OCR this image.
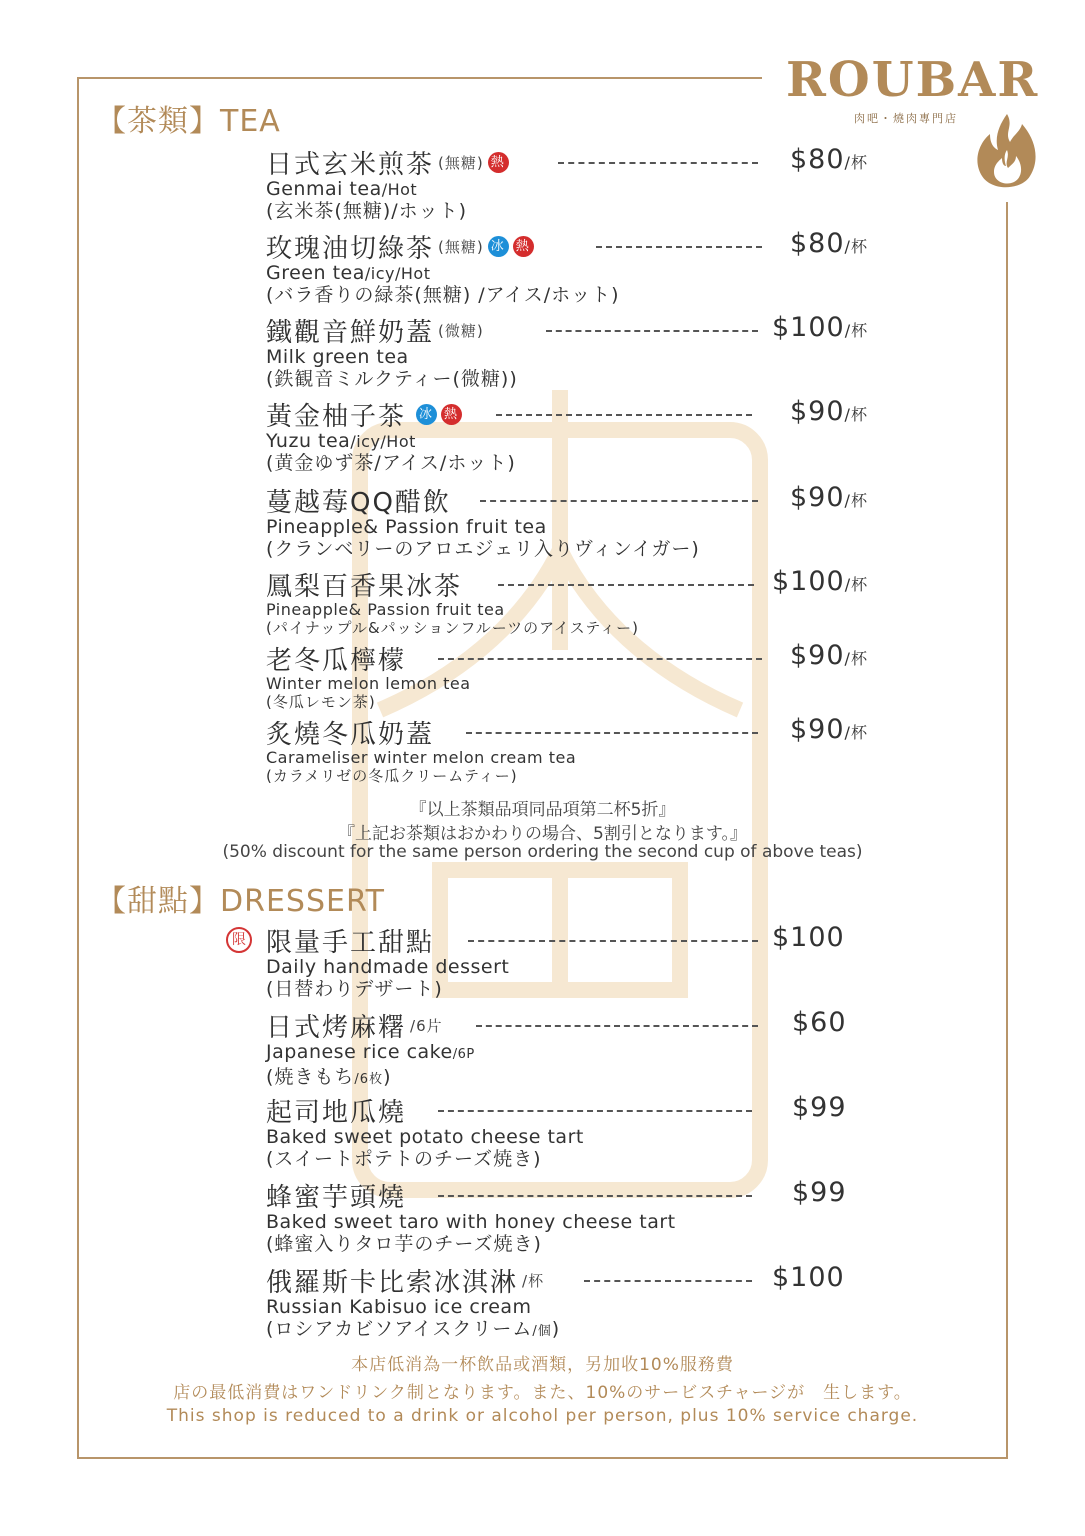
ROUBAR
肉吧・燒肉專門店
【茶類】TEA
日式玄米煎茶 (無糖) 熱	$80/杯
Genmai tea/Hot
(玄米茶(無糖)/ホット)
玫瑰油切綠茶 (無糖) 冰 熱	$80/杯
Green tea/icy/Hot
(バラ香りの緑茶(無糖) /アイス/ホット)
鐵觀音鮮奶蓋 (微糖)	$100/杯
Milk green tea
(鉄観音ミルクティー(微糖))
黃金柚子茶 冰 熱	$90/杯
Yuzu tea/icy/Hot
(黄金ゆず茶/アイス/ホット)
蔓越莓QQ醋飲	$90/杯
Pineapple& Passion fruit tea
(クランベリーのアロエジェリ入りヴィンイガー)
鳳梨百香果冰茶	$100/杯
Pineapple& Passion fruit tea
(パイナップル&パッションフルーツのアイスティー)
老冬瓜檸檬	$90/杯
Winter melon lemon tea
(冬瓜レモン茶)
炙燒冬瓜奶蓋	$90/杯
Carameliser winter melon cream tea
(カラメリゼの冬瓜クリームティー)
『以上茶類品項同品項第二杯5折』
『上記お茶類はおかわりの場合、5割引となります。』
(50% discount for the same person ordering the second cup of above teas)
【甜點】DRESSERT
限 限量手工甜點	$100
Daily handmade dessert
(日替わりデザート)
日式烤麻糬 /6片	$60
Japanese rice cake/6P
(焼きもち/6枚)
起司地瓜燒	$99
Baked sweet potato cheese tart
(スイートポテトのチーズ焼き)
蜂蜜芋頭燒	$99
Baked sweet taro with honey cheese tart
(蜂蜜入りタロ芋のチーズ焼き)
俄羅斯卡比索冰淇淋 /杯	$100
Russian Kabisuo ice cream
(ロシアカビソアイスクリーム/個)
本店低消為一杯飲品或酒類，另加收10%服務費
店の最低消費はワンドリンク制となります。また、10%のサービスチャージが　生します。
This shop is reduced to a drink or alcohol per person, plus 10% service charge.
